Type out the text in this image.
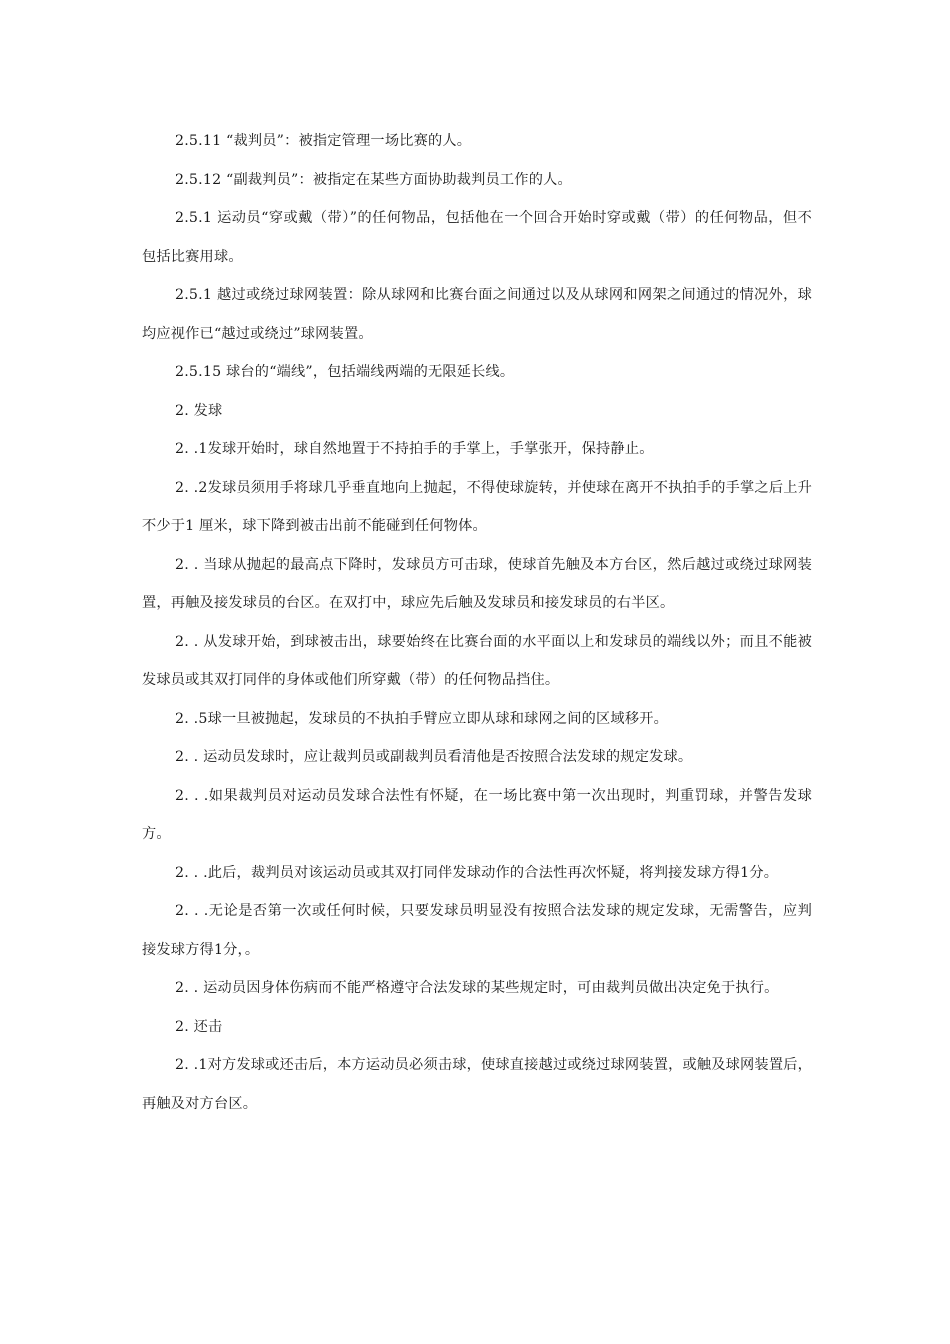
2.5.11 “裁判员”：被指定管理一场比赛的人。

2.5.12 “副裁判员”：被指定在某些方面协助裁判员工作的人。

2.5.1 运动员“穿或戴（带）”的任何物品，包括他在一个回合开始时穿或戴（带）的任何物品，但不包括比赛用球。

2.5.1 越过或绕过球网装置：除从球网和比赛台面之间通过以及从球网和网架之间通过的情况外，球均应视作已“越过或绕过”球网装置。

2.5.15 球台的“端线”，包括端线两端的无限延长线。

2. 发球

2. .1发球开始时，球自然地置于不持拍手的手掌上，手掌张开，保持静止。

2. .2发球员须用手将球几乎垂直地向上抛起，不得使球旋转，并使球在离开不执拍手的手掌之后上升不少于1 厘米，球下降到被击出前不能碰到任何物体。

2. . 当球从抛起的最高点下降时，发球员方可击球，使球首先触及本方台区，然后越过或绕过球网装置，再触及接发球员的台区。在双打中，球应先后触及发球员和接发球员的右半区。

2. . 从发球开始，到球被击出，球要始终在比赛台面的水平面以上和发球员的端线以外；而且不能被发球员或其双打同伴的身体或他们所穿戴（带）的任何物品挡住。

2. .5球一旦被抛起，发球员的不执拍手臂应立即从球和球网之间的区域移开。

2. . 运动员发球时，应让裁判员或副裁判员看清他是否按照合法发球的规定发球。

2. . .如果裁判员对运动员发球合法性有怀疑，在一场比赛中第一次出现时，判重罚球，并警告发球方。

2. . .此后，裁判员对该运动员或其双打同伴发球动作的合法性再次怀疑，将判接发球方得1分。

2. . .无论是否第一次或任何时候，只要发球员明显没有按照合法发球的规定发球，无需警告，应判接发球方得1分，。

2. . 运动员因身体伤病而不能严格遵守合法发球的某些规定时，可由裁判员做出决定免于执行。

2. 还击

2. .1对方发球或还击后，本方运动员必须击球，使球直接越过或绕过球网装置，或触及球网装置后，再触及对方台区。
